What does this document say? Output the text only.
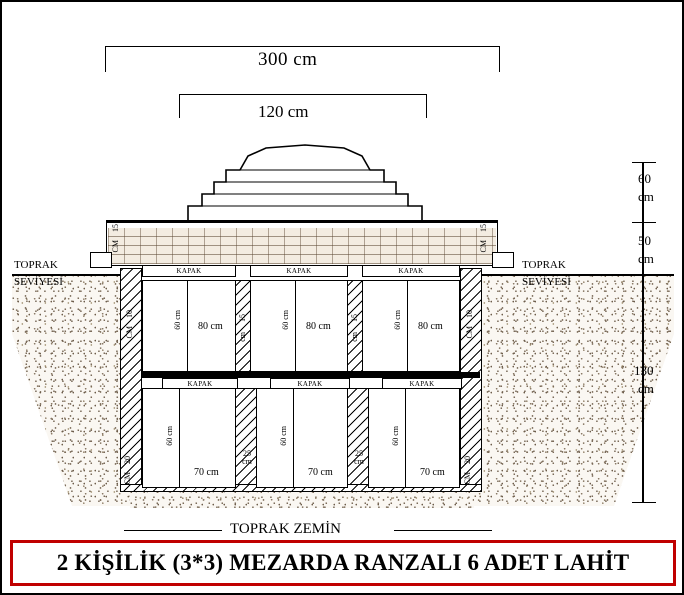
300 cm
120 cm
15
CM
15
CM
TOPRAK
SEVİYESİ
TOPRAK
SEVİYESİ
KAPAK	KAPAK	KAPAK
60 cm	60 cm	60 cm
80 cm	80 cm	80 cm
15
cm
15
cm
10
CM
10
CM
KAPAK	KAPAK	KAPAK
60 cm	60 cm	60 cm
70 cm	70 cm	70 cm
25 cm
25 cm
20
CM
20
CM
60
cm
50
cm
130
cm
TOPRAK ZEMİN
2 KİŞİLİK (3*3) MEZARDA RANZALI 6 ADET LAHİT
